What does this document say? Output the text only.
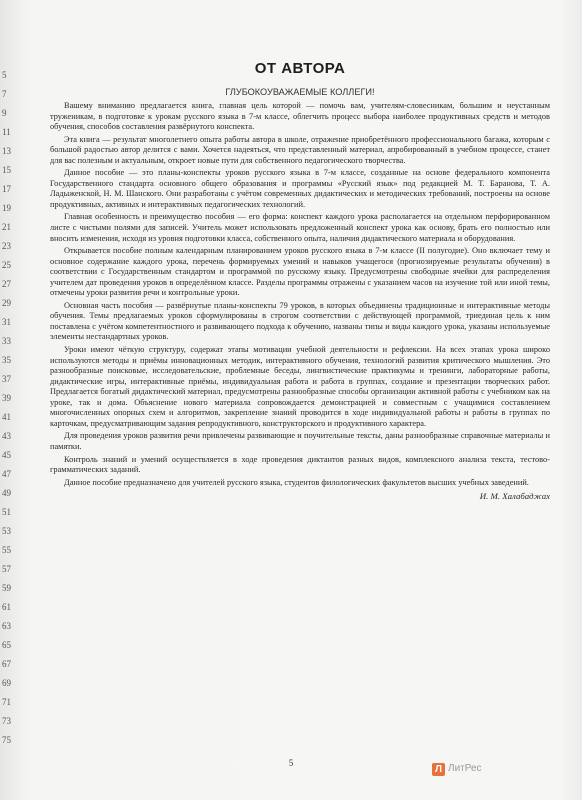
5
7
9
11
13
15
17
19
21
23
25
27
29
31
33
35
37
39
41
43
45
47
49
51
53
55
57
59
61
63
65
67
69
71
73
75
ОТ АВТОРА
ГЛУБОКОУВАЖАЕМЫЕ КОЛЛЕГИ!

Вашему вниманию предлагается книга, главная цель которой — помочь вам, учителям-словесникам, большим и неустанным труженикам, в подготовке к урокам русского языка в 7-м классе, облегчить процесс выбора наиболее продуктивных средств и методов обучения, способов составления развёрнутого конспекта.

Эта книга — результат многолетнего опыта работы автора в школе, отражение приобретённого профессионального багажа, которым с большой радостью автор делится с вами. Хочется надеяться, что представленный материал, апробированный в учебном процессе, станет для вас полезным и актуальным, откроет новые пути для собственного педагогического творчества.

Данное пособие — это планы-конспекты уроков русского языка в 7-м классе, созданные на основе федерального компонента Государственного стандарта основного общего образования и программы «Русский язык» под редакцией М. Т. Баранова, Т. А. Ладыженской, Н. М. Шанского. Они разработаны с учётом современных дидактических и методических требований, построены на основе продуктивных, активных и интерактивных педагогических технологий.

Главная особенность и преимущество пособия — его форма: конспект каждого урока располагается на отдельном перфорированном листе с чистыми полями для записей. Учитель может использовать предложенный конспект урока как основу, брать его полностью или вносить изменения, исходя из уровня подготовки класса, собственного опыта, наличия дидактического материала и оборудования.

Открывается пособие полным календарным планированием уроков русского языка в 7-м классе (II полугодие). Оно включает тему и основное содержание каждого урока, перечень формируемых умений и навыков учащегося (прогнозируемые результаты обучения) в соответствии с Государственным стандартом и программой по русскому языку. Предусмотрены свободные ячейки для распределения учителем дат проведения уроков в определённом классе. Разделы программы отражены с указанием часов на изучение той или иной темы, отмечены уроки развития речи и контрольные уроки.

Основная часть пособия — развёрнутые планы-конспекты 79 уроков, в которых объединены традиционные и интерактивные методы обучения. Темы предлагаемых уроков сформулированы в строгом соответствии с действующей программой, триединая цель к ним поставлена с учётом компетентностного и развивающего подхода к обучению, названы типы и виды каждого урока, указаны используемые элементы нестандартных уроков.

Уроки имеют чёткую структуру, содержат этапы мотивации учебной деятельности и рефлексии. На всех этапах урока широко используются методы и приёмы инновационных методик, интерактивного обучения, технологий развития критического мышления. Это разнообразные поисковые, исследовательские, проблемные беседы, лингвистические практикумы и тренинги, лабораторные работы, дидактические игры, интерактивные приёмы, индивидуальная работа и работа в группах, создание и презентации творческих работ. Предлагается богатый дидактический материал, предусмотрены разнообразные способы организации активной работы с учебником как на уроке, так и дома. Объяснение нового материала сопровождается демонстрацией и совместным с учащимися составлением многочисленных опорных схем и алгоритмов, закрепление знаний проводится в ходе индивидуальной работы и работы в группах по карточкам, предусматривающим задания репродуктивного, конструкторского и продуктивного характера.

Для проведения уроков развития речи привлечены развивающие и поучительные тексты, даны разнообразные справочные материалы и памятки.

Контроль знаний и умений осуществляется в ходе проведения диктантов разных видов, комплексного анализа текста, тестово-грамматических заданий.

Данное пособие предназначено для учителей русского языка, студентов филологических факультетов высших учебных заведений.

И. М. Халабаджах
5
Л ЛитРес
